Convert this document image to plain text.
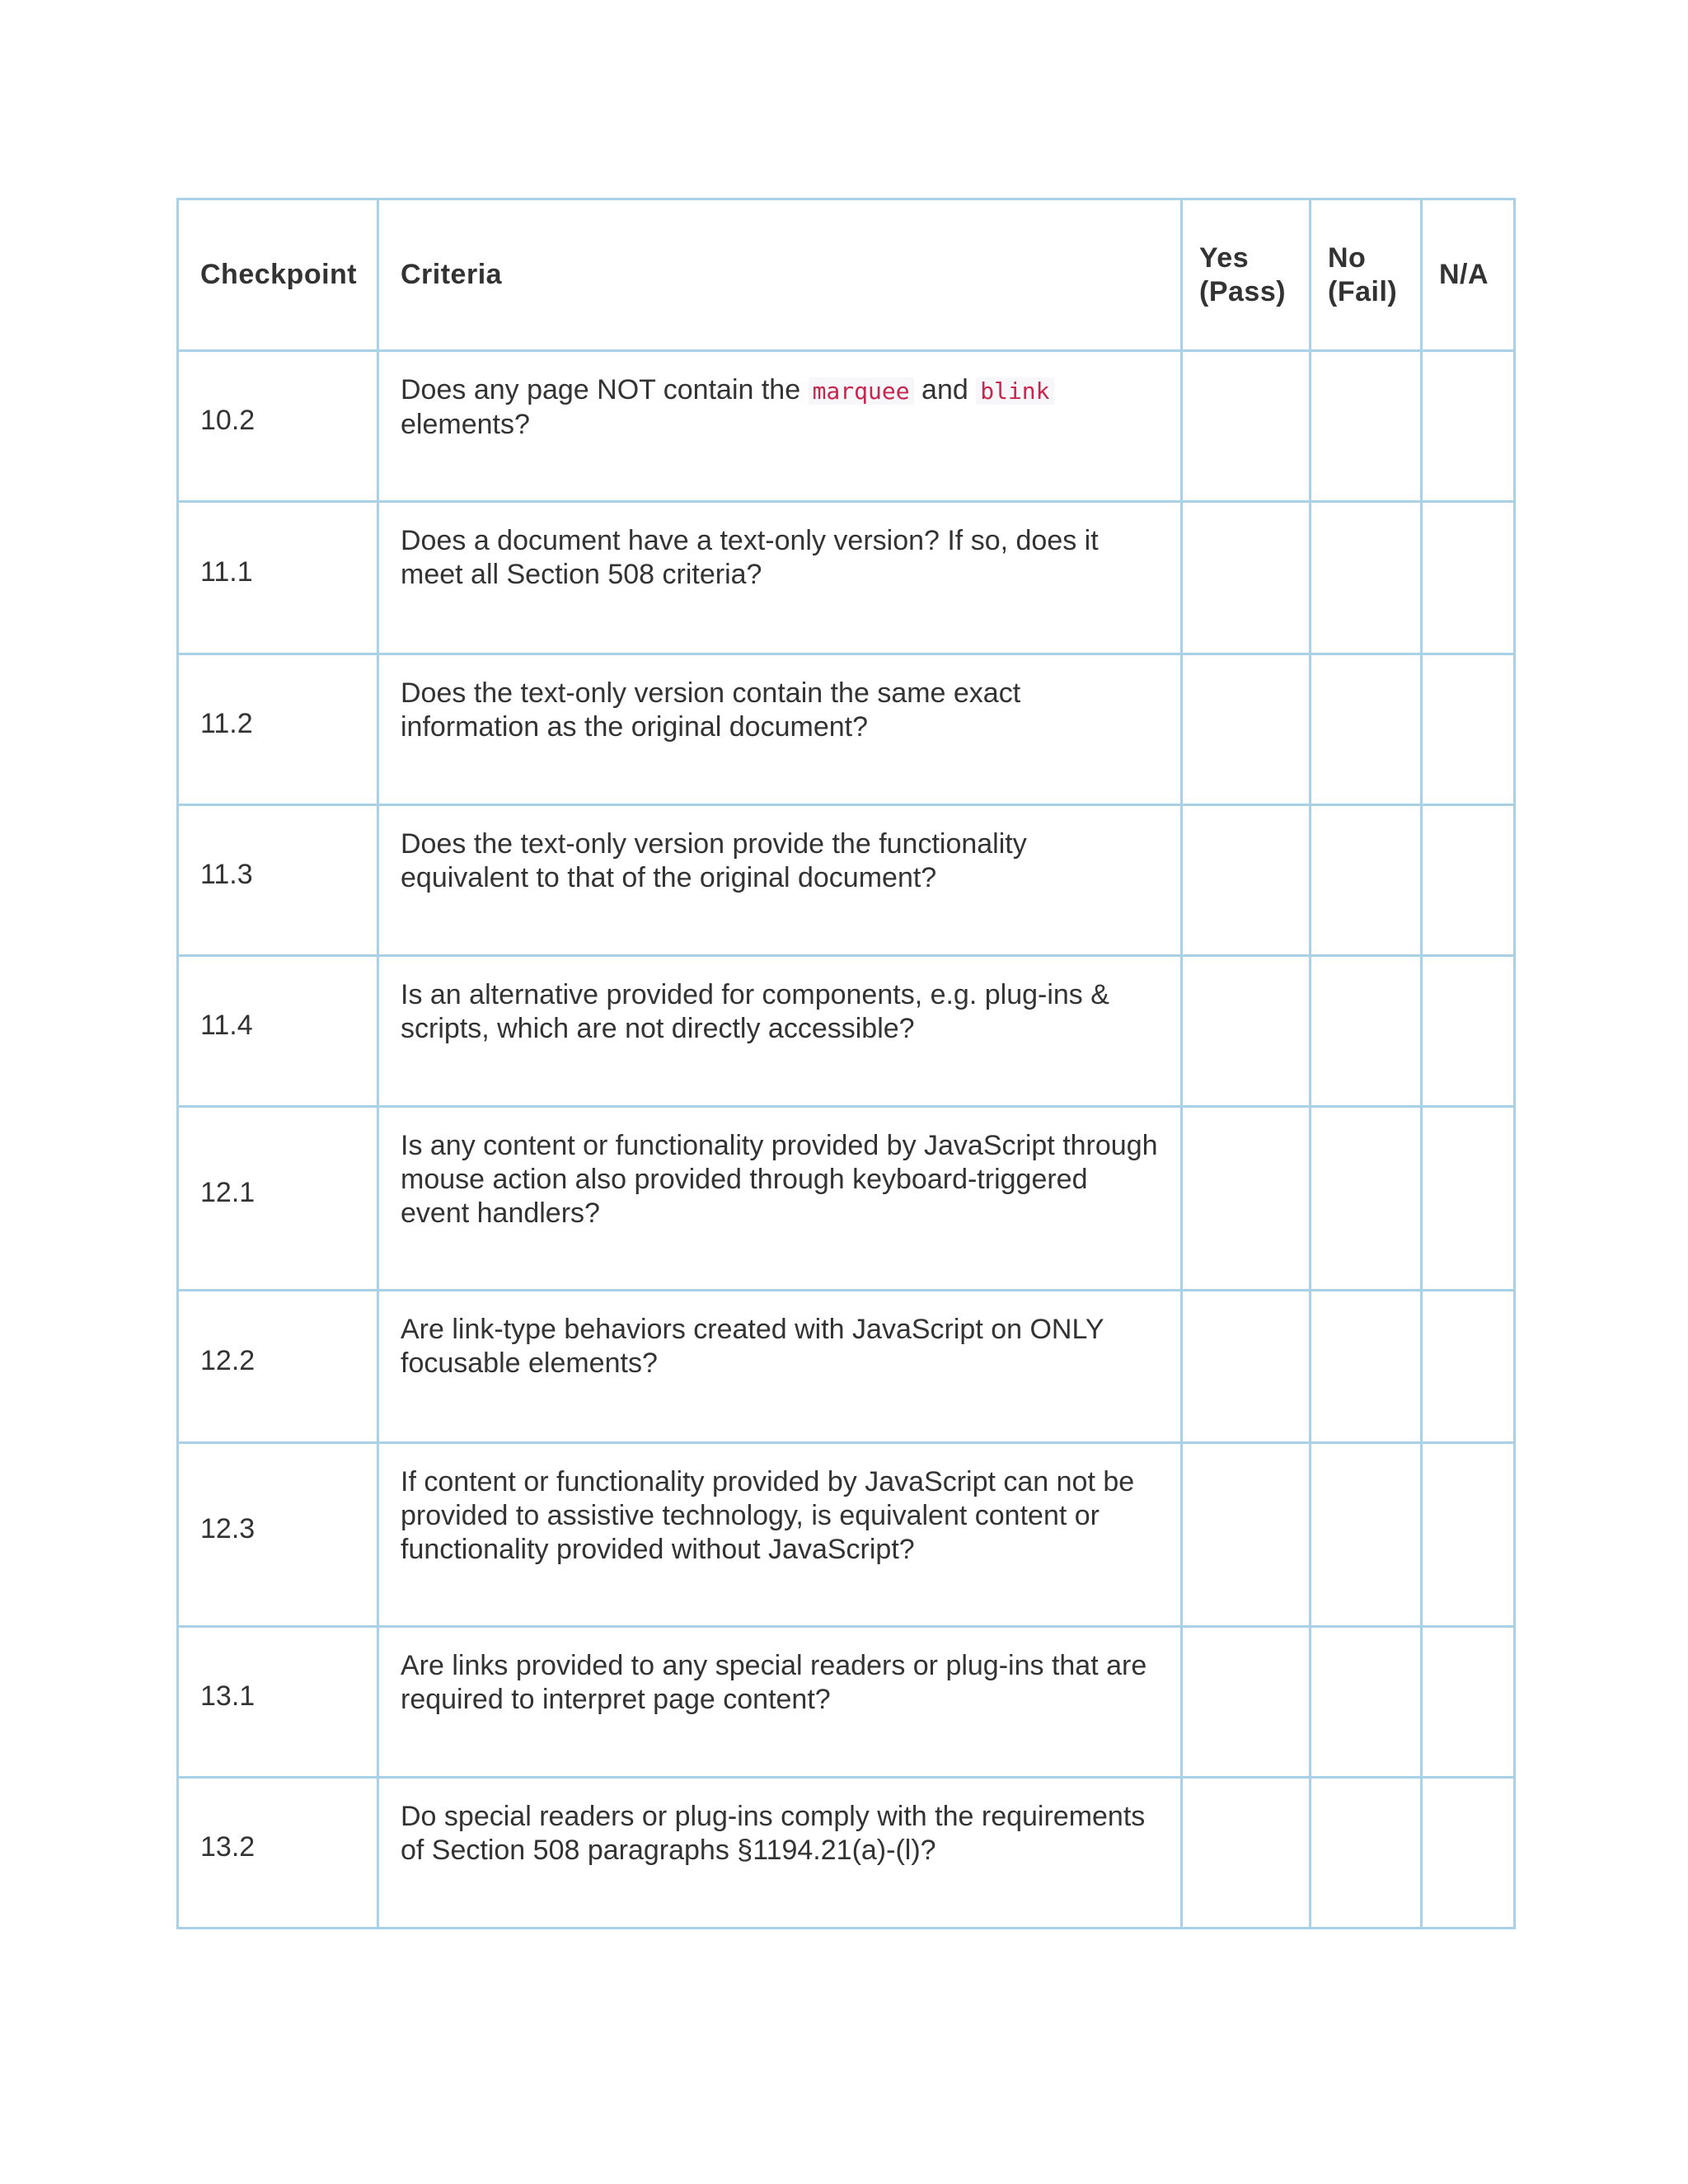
Checkpoint	Criteria	Yes (Pass)	No (Fail)	N/A
10.2	Does any page NOT contain the marquee and blink elements?			
11.1	Does a document have a text-only version? If so, does it meet all Section 508 criteria?			
11.2	Does the text-only version contain the same exact information as the original document?			
11.3	Does the text-only version provide the functionality equivalent to that of the original document?			
11.4	Is an alternative provided for components, e.g. plug-ins & scripts, which are not directly accessible?			
12.1	Is any content or functionality provided by JavaScript through mouse action also provided through keyboard-triggered event handlers?			
12.2	Are link-type behaviors created with JavaScript on ONLY focusable elements?			
12.3	If content or functionality provided by JavaScript can not be provided to assistive technology, is equivalent content or functionality provided without JavaScript?			
13.1	Are links provided to any special readers or plug-ins that are required to interpret page content?			
13.2	Do special readers or plug-ins comply with the requirements of Section 508 paragraphs §1194.21(a)-(l)?			
